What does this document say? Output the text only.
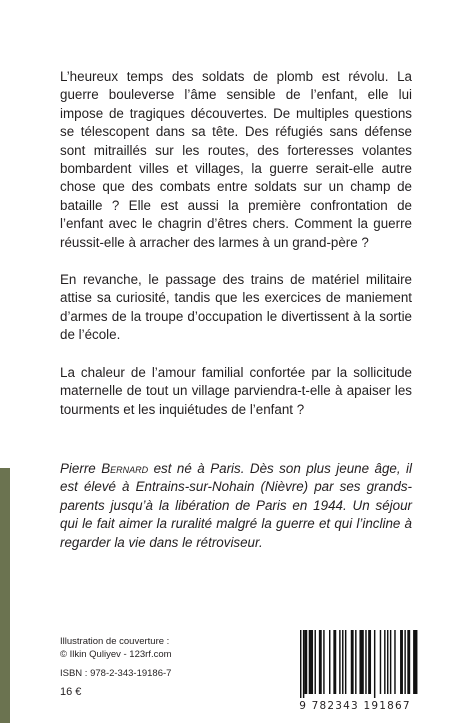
L’heureux temps des soldats de plomb est révolu. La guerre bouleverse l’âme sensible de l’enfant, elle lui impose de tragiques découvertes. De multiples questions se télescopent dans sa tête. Des réfugiés sans défense sont mitraillés sur les routes, des forteresses volantes bombardent villes et villages, la guerre serait-elle autre chose que des combats entre soldats sur un champ de bataille ? Elle est aussi la première confrontation de l’enfant avec le chagrin d’êtres chers. Comment la guerre réussit-elle à arracher des larmes à un grand-père ?

En revanche, le passage des trains de matériel militaire attise sa curiosité, tandis que les exercices de maniement d’armes de la troupe d’occupation le divertissent à la sortie de l’école.

La chaleur de l’amour familial confortée par la sollicitude maternelle de tout un village parviendra-t-elle à apaiser les tourments et les inquiétudes de l’enfant ?

Pierre Bernard est né à Paris. Dès son plus jeune âge, il est élevé à Entrains-sur-Nohain (Nièvre) par ses grands-parents jusqu’à la libération de Paris en 1944. Un séjour qui le fait aimer la ruralité malgré la guerre et qui l’incline à regarder la vie dans le rétroviseur.

Illustration de couverture :
© Ilkin Quliyev - 123rf.com
ISBN : 978-2-343-19186-7
16 €
9 782343 191867
